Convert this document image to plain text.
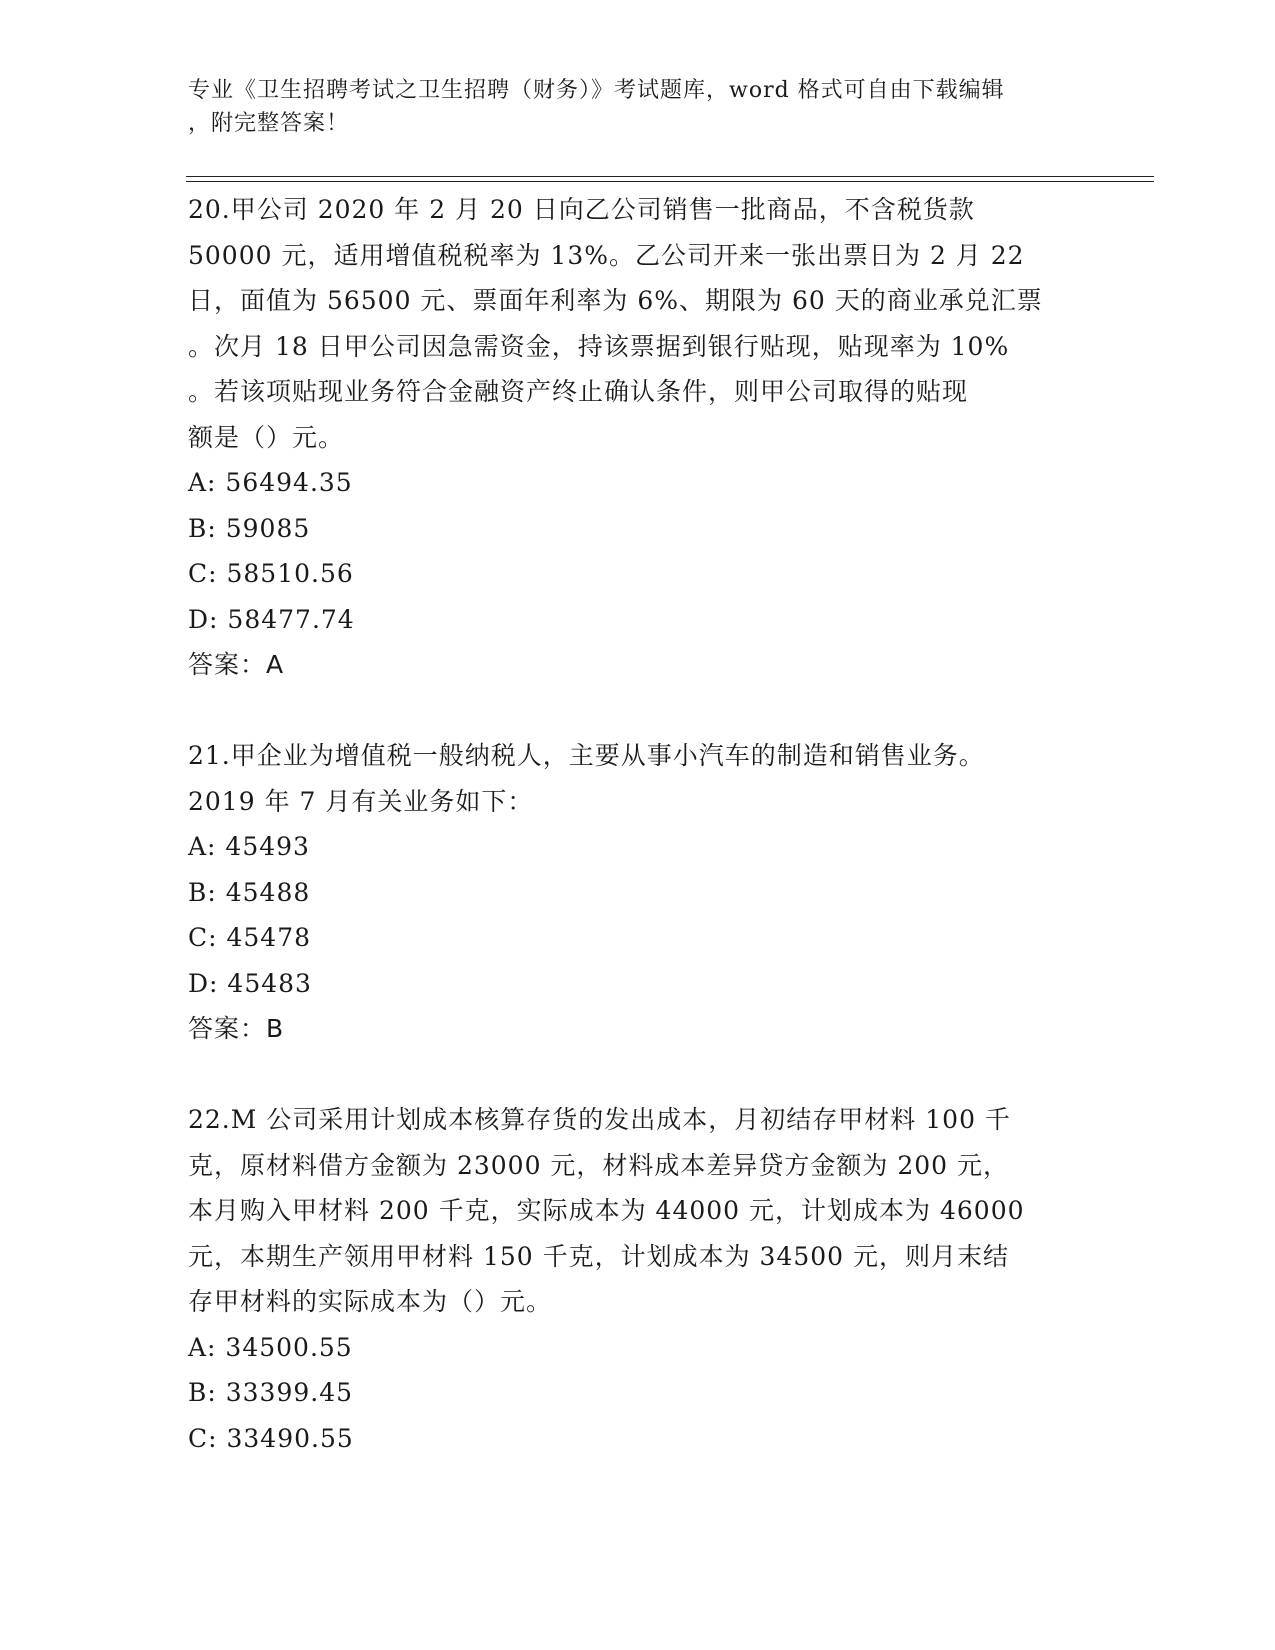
专业《卫生招聘考试之卫生招聘（财务）》考试题库，word 格式可自由下载编辑
，附完整答案！
20.甲公司 2020 年 2 月 20 日向乙公司销售一批商品，不含税货款
50000 元，适用增值税税率为 13%。乙公司开来一张出票日为 2 月 22
日，面值为 56500 元、票面年利率为 6%、期限为 60 天的商业承兑汇票
。次月 18 日甲公司因急需资金，持该票据到银行贴现，贴现率为 10%
。若该项贴现业务符合金融资产终止确认条件，则甲公司取得的贴现
额是（）元。
A: 56494.35
B: 59085
C: 58510.56
D: 58477.74
答案：A
21.甲企业为增值税一般纳税人，主要从事小汽车的制造和销售业务。
2019 年 7 月有关业务如下：
A: 45493
B: 45488
C: 45478
D: 45483
答案：B
22.M 公司采用计划成本核算存货的发出成本，月初结存甲材料 100 千
克，原材料借方金额为 23000 元，材料成本差异贷方金额为 200 元，
本月购入甲材料 200 千克，实际成本为 44000 元，计划成本为 46000
元，本期生产领用甲材料 150 千克，计划成本为 34500 元，则月末结
存甲材料的实际成本为（）元。
A: 34500.55
B: 33399.45
C: 33490.55
